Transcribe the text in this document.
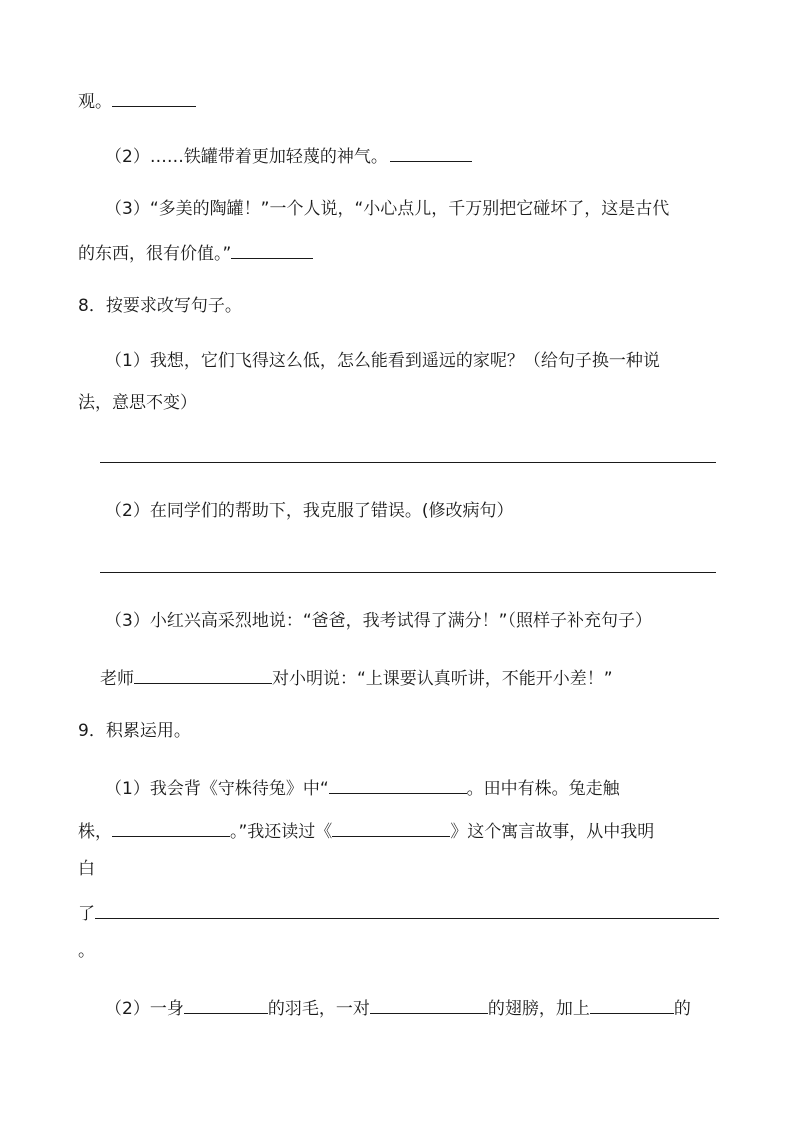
观。
（2）……铁罐带着更加轻蔑的神气。
（3）“多美的陶罐！”一个人说，“小心点儿，千万别把它碰坏了，这是古代
的东西，很有价值。”
8．按要求改写句子。
（1）我想，它们飞得这么低，怎么能看到遥远的家呢？（给句子换一种说
法，意思不变）
（2）在同学们的帮助下，我克服了错误。(修改病句）
（3）小红兴高采烈地说：“爸爸，我考试得了满分！”（照样子补充句子）
老师	对小明说：“上课要认真听讲，不能开小差！”
9．积累运用。
（1）我会背《守株待兔》中“	。田中有株。兔走触
株，	。”我还读过《	》这个寓言故事，从中我明
白
了
。
（2）一身	的羽毛，一对	的翅膀，加上	的
